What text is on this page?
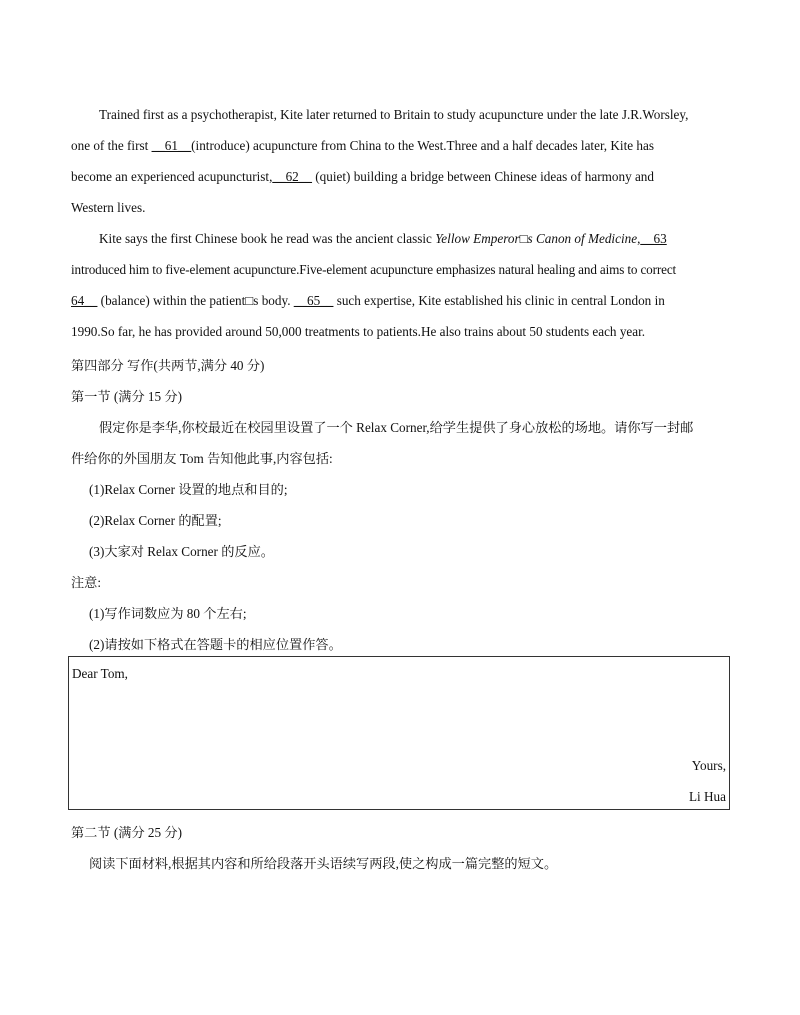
Trained first as a psychotherapist, Kite later returned to Britain to study acupuncture under the late J.R.Worsley,
one of the first __61__(introduce) acupuncture from China to the West.Three and a half decades later, Kite has
become an experienced acupuncturist,__62__ (quiet) building a bridge between Chinese ideas of harmony and
Western lives.
Kite says the first Chinese book he read was the ancient classic Yellow Emperor□s Canon of Medicine,__63
introduced him to five-element acupuncture.Five-element acupuncture emphasizes natural healing and aims to correct
64__ (balance) within the patient□s body. __65__ such expertise, Kite established his clinic in central London in
1990.So far, he has provided around 50,000 treatments to patients.He also trains about 50 students each year.
第四部分 写作(共两节,满分 40 分)
第一节 (满分 15 分)
假定你是李华,你校最近在校园里设置了一个 Relax Corner,给学生提供了身心放松的场地。请你写一封邮
件给你的外国朋友 Tom 告知他此事,内容包括:
(1)Relax Corner 设置的地点和目的;
(2)Relax Corner 的配置;
(3)大家对 Relax Corner 的反应。
注意:
(1)写作词数应为 80 个左右;
(2)请按如下格式在答题卡的相应位置作答。
Dear Tom,
Yours,
Li Hua
第二节 (满分 25 分)
阅读下面材料,根据其内容和所给段落开头语续写两段,使之构成一篇完整的短文。
